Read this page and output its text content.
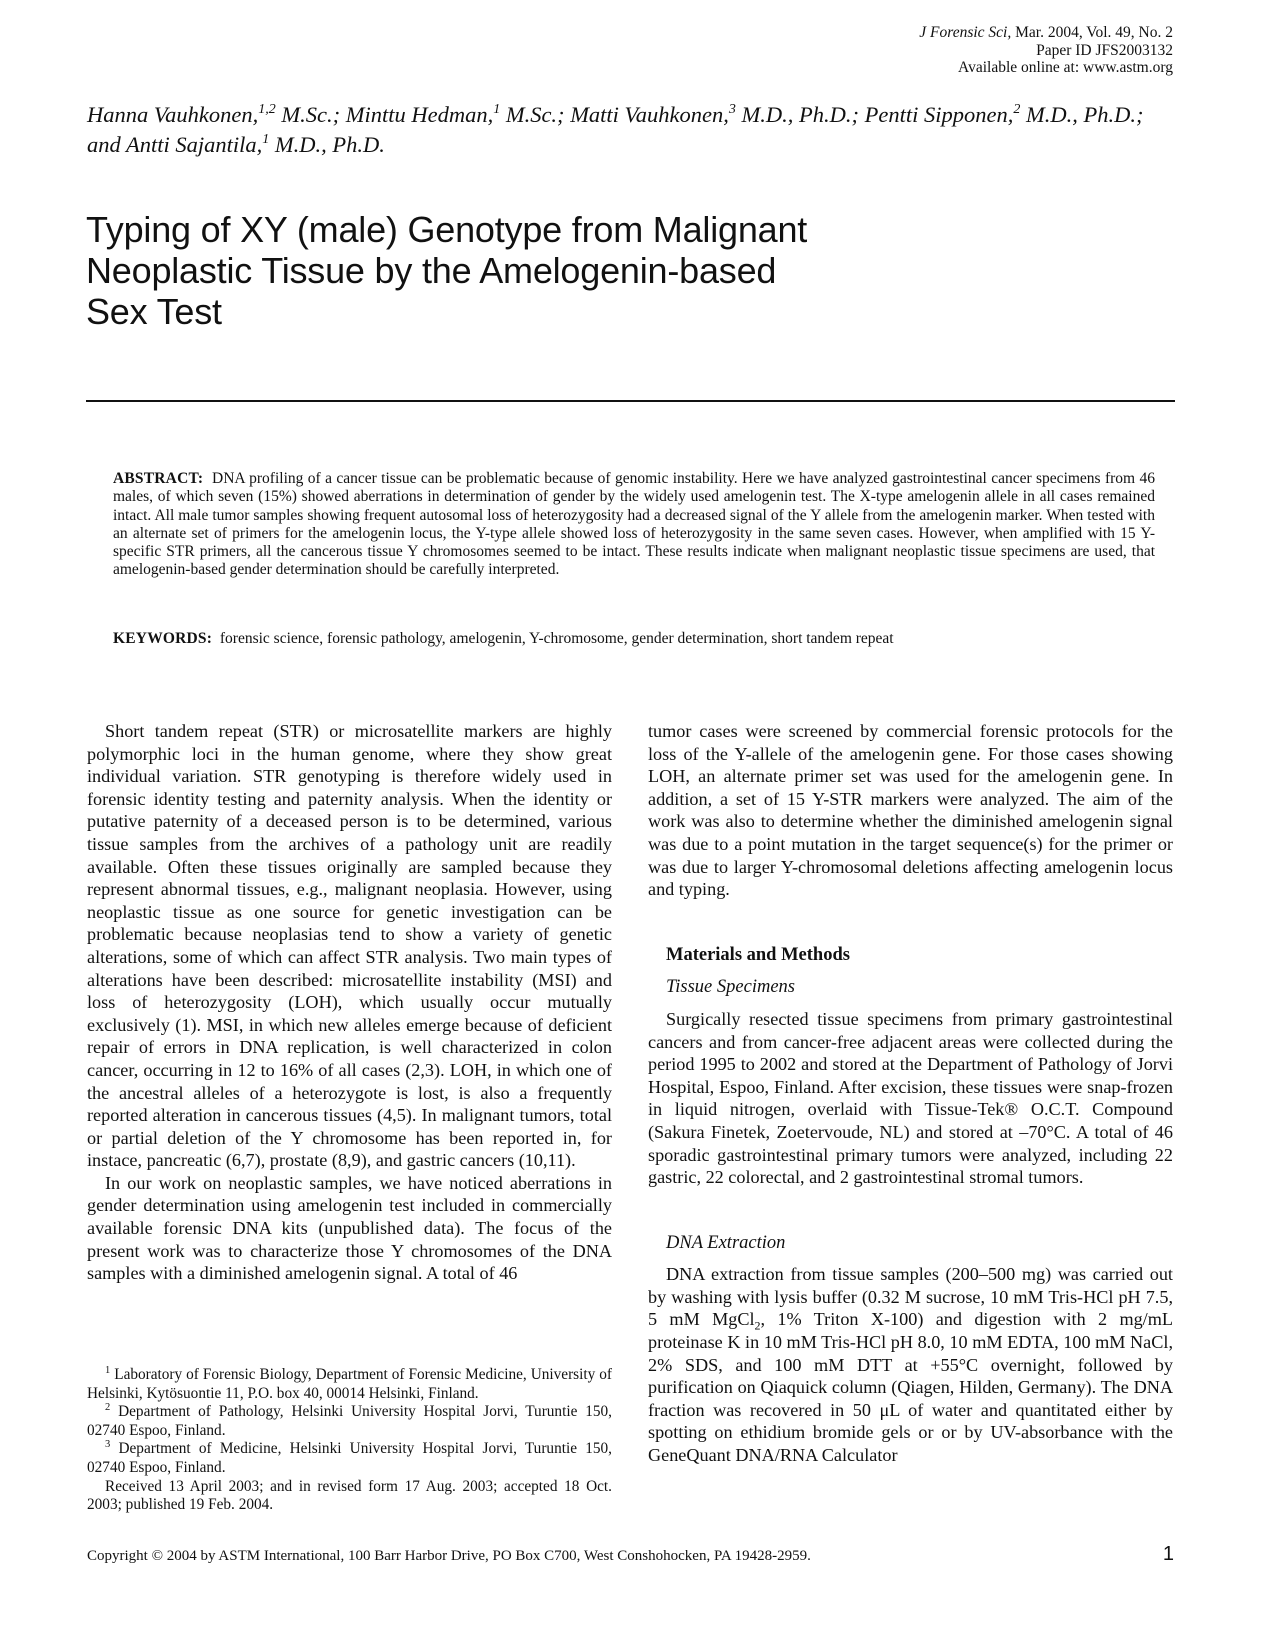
J Forensic Sci, Mar. 2004, Vol. 49, No. 2
Paper ID JFS2003132
Available online at: www.astm.org
Hanna Vauhkonen,$^{1,2}$ M.Sc.; Minttu Hedman,$^1$ M.Sc.; Matti Vauhkonen,$^3$ M.D., Ph.D.; Pentti Sipponen,$^2$ M.D., Ph.D.; and Antti Sajantila,$^1$ M.D., Ph.D.
Typing of XY (male) Genotype from Malignant
Neoplastic Tissue by the Amelogenin-based
Sex Test
ABSTRACT: DNA profiling of a cancer tissue can be problematic because of genomic instability. Here we have analyzed gastrointestinal cancer specimens from 46 males, of which seven (15%) showed aberrations in determination of gender by the widely used amelogenin test. The X-type amelogenin allele in all cases remained intact. All male tumor samples showing frequent autosomal loss of heterozygosity had a decreased signal of the Y allele from the amelogenin marker. When tested with an alternate set of primers for the amelogenin locus, the Y-type allele showed loss of heterozygosity in the same seven cases. However, when amplified with 15 Y-specific STR primers, all the cancerous tissue Y chromosomes seemed to be intact. These results indicate when malignant neoplastic tissue specimens are used, that amelogenin-based gender determination should be carefully interpreted.
KEYWORDS: forensic science, forensic pathology, amelogenin, Y-chromosome, gender determination, short tandem repeat

Short tandem repeat (STR) or microsatellite markers are highly polymorphic loci in the human genome, where they show great individual variation. STR genotyping is therefore widely used in forensic identity testing and paternity analysis. When the identity or putative paternity of a deceased person is to be determined, various tissue samples from the archives of a pathology unit are readily available. Often these tissues originally are sampled because they represent abnormal tissues, e.g., malignant neoplasia. However, using neoplastic tissue as one source for genetic investigation can be problematic because neoplasias tend to show a variety of genetic alterations, some of which can affect STR analysis. Two main types of alterations have been described: microsatellite instability (MSI) and loss of heterozygosity (LOH), which usually occur mutually exclusively (1). MSI, in which new alleles emerge because of deficient repair of errors in DNA replication, is well characterized in colon cancer, occurring in 12 to 16% of all cases (2,3). LOH, in which one of the ancestral alleles of a heterozygote is lost, is also a frequently reported alteration in cancerous tissues (4,5). In malignant tumors, total or partial deletion of the Y chromosome has been reported in, for instace, pancreatic (6,7), prostate (8,9), and gastric cancers (10,11).

In our work on neoplastic samples, we have noticed aberrations in gender determination using amelogenin test included in commercially available forensic DNA kits (unpublished data). The focus of the present work was to characterize those Y chromosomes of the DNA samples with a diminished amelogenin signal. A total of 46

$^1$ Laboratory of Forensic Biology, Department of Forensic Medicine, University of Helsinki, Kytösuontie 11, P.O. box 40, 00014 Helsinki, Finland.

$^2$ Department of Pathology, Helsinki University Hospital Jorvi, Turuntie 150, 02740 Espoo, Finland.

$^3$ Department of Medicine, Helsinki University Hospital Jorvi, Turuntie 150, 02740 Espoo, Finland.

Received 13 April 2003; and in revised form 17 Aug. 2003; accepted 18 Oct. 2003; published 19 Feb. 2004.

tumor cases were screened by commercial forensic protocols for the loss of the Y-allele of the amelogenin gene. For those cases showing LOH, an alternate primer set was used for the amelogenin gene. In addition, a set of 15 Y-STR markers were analyzed. The aim of the work was also to determine whether the diminished amelogenin signal was due to a point mutation in the target sequence(s) for the primer or was due to larger Y-chromosomal deletions affecting amelogenin locus and typing.

Materials and Methods

Tissue Specimens

Surgically resected tissue specimens from primary gastrointestinal cancers and from cancer-free adjacent areas were collected during the period 1995 to 2002 and stored at the Department of Pathology of Jorvi Hospital, Espoo, Finland. After excision, these tissues were snap-frozen in liquid nitrogen, overlaid with Tissue-Tek® O.C.T. Compound (Sakura Finetek, Zoetervoude, NL) and stored at –70°C. A total of 46 sporadic gastrointestinal primary tumors were analyzed, including 22 gastric, 22 colorectal, and 2 gastrointestinal stromal tumors.

DNA Extraction

DNA extraction from tissue samples (200–500 mg) was carried out by washing with lysis buffer (0.32 M sucrose, 10 mM Tris-HCl pH 7.5, 5 mM MgCl$_2$, 1% Triton X-100) and digestion with 2 mg/mL proteinase K in 10 mM Tris-HCl pH 8.0, 10 mM EDTA, 100 mM NaCl, 2% SDS, and 100 mM DTT at +55°C overnight, followed by purification on Qiaquick column (Qiagen, Hilden, Germany). The DNA fraction was recovered in 50 μL of water and quantitated either by spotting on ethidium bromide gels or or by UV-absorbance with the GeneQuant DNA/RNA Calculator

Copyright © 2004 by ASTM International, 100 Barr Harbor Drive, PO Box C700, West Conshohocken, PA 19428-2959.	1
